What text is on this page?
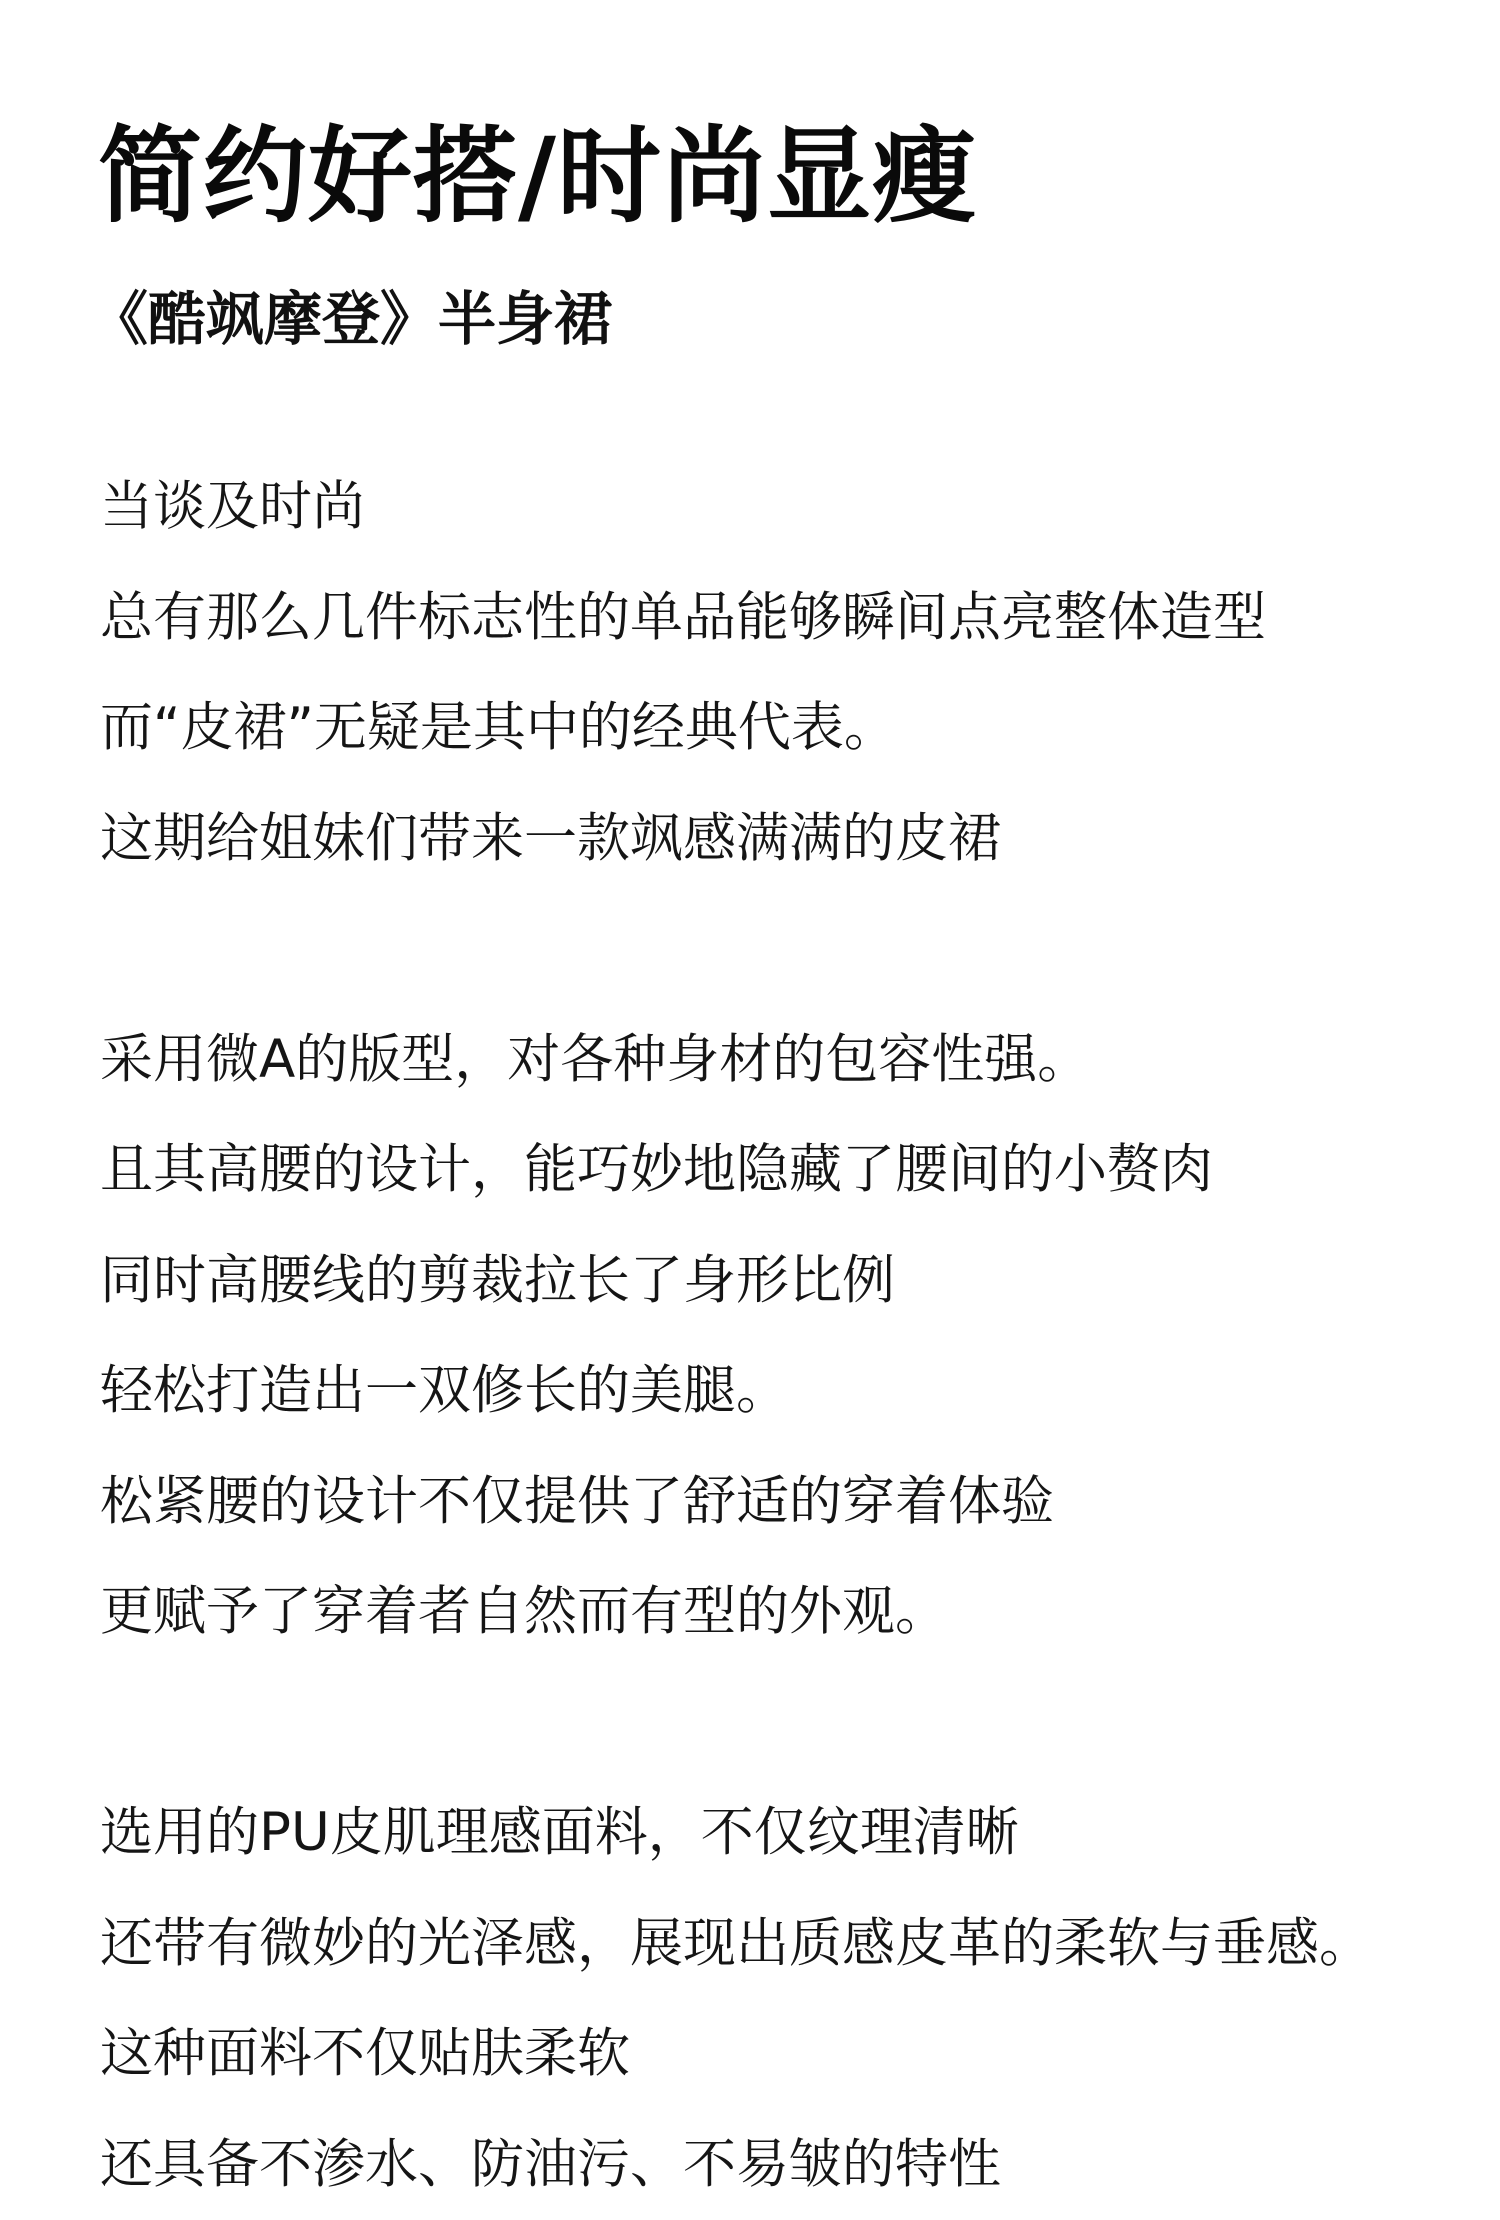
简约好搭/时尚显瘦
《酷飒摩登》半身裙
当谈及时尚
总有那么几件标志性的单品能够瞬间点亮整体造型
而“皮裙”无疑是其中的经典代表。
这期给姐妹们带来一款飒感满满的皮裙
采用微A的版型，对各种身材的包容性强。
且其高腰的设计，能巧妙地隐藏了腰间的小赘肉
同时高腰线的剪裁拉长了身形比例
轻松打造出一双修长的美腿。
松紧腰的设计不仅提供了舒适的穿着体验
更赋予了穿着者自然而有型的外观。
选用的PU皮肌理感面料，不仅纹理清晰
还带有微妙的光泽感，展现出质感皮革的柔软与垂感。
这种面料不仅贴肤柔软
还具备不渗水、防油污、不易皱的特性
